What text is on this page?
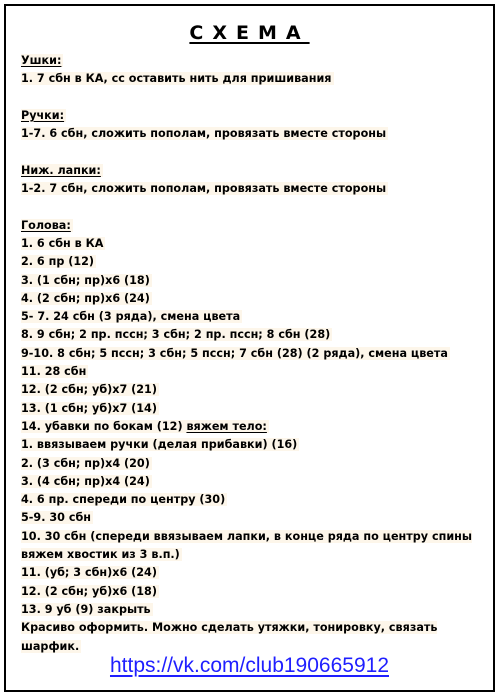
СХЕМА
Ушки:
1. 7 сбн в КА, сс оставить нить для пришивания
Ручки:
1-7. 6 сбн, сложить пополам, провязать вместе стороны
Ниж. лапки:
1-2. 7 сбн, сложить пополам, провязать вместе стороны
Голова:
1. 6 сбн в КА
2. 6 пр (12)
3. (1 сбн; пр)х6 (18)
4. (2 сбн; пр)х6 (24)
5- 7. 24 сбн (3 ряда), смена цвета
8. 9 сбн; 2 пр. пссн; 3 сбн; 2 пр. пссн; 8 сбн (28)
9-10. 8 сбн; 5 пссн; 3 сбн; 5 пссн; 7 сбн (28) (2 ряда), смена цвета
11. 28 сбн
12. (2 сбн; уб)х7 (21)
13. (1 сбн; уб)х7 (14)
14. убавки по бокам (12) вяжем тело:
1. ввязываем ручки (делая прибавки) (16)
2. (3 сбн; пр)х4 (20)
3. (4 сбн; пр)х4 (24)
4. 6 пр. спереди по центру (30)
5-9. 30 сбн
10. 30 сбн (спереди ввязываем лапки, в конце ряда по центру спины вяжем хвостик из 3 в.п.)
11. (уб; 3 сбн)х6 (24)
12. (2 сбн; уб)х6 (18)
13. 9 уб (9) закрыть
Красиво оформить. Можно сделать утяжки, тонировку, связать шарфик.
https://vk.com/club190665912
